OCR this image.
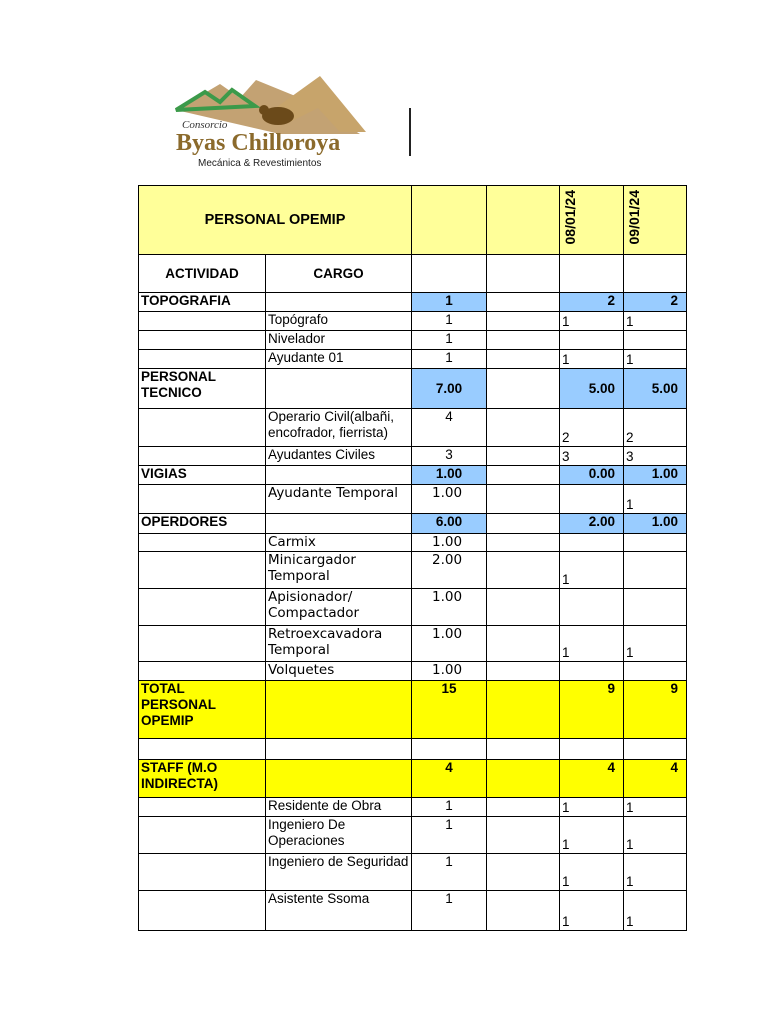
Consorcio
Byas Chilloroya
Mecánica & Revestimientos
PERSONAL OPEMIP				08/01/24	09/01/24

ACTIVIDAD	CARGO				
TOPOGRAFIA		1		2	2
	Topógrafo	1		1	1
	Nivelador	1			
	Ayudante 01	1		1	1
PERSONAL TECNICO		7.00		5.00	5.00
	Operario Civil(albañi, encofrador, fierrista)	4		2	2
	Ayudantes Civiles	3		3	3
VIGIAS		1.00		0.00	1.00
	Ayudante Temporal	1.00			1
OPERDORES		6.00		2.00	1.00
	Carmix	1.00			
	Minicargador Temporal	2.00		1	
	Apisionador/ Compactador	1.00			
	Retroexcavadora Temporal	1.00		1	1
	Volquetes	1.00			
TOTAL PERSONAL OPEMIP		15		9	9

STAFF (M.O INDIRECTA)		4		4	4
	Residente de Obra	1		1	1
	Ingeniero De Operaciones	1		1	1
	Ingeniero de Seguridad	1		1	1
	Asistente Ssoma	1		1	1
